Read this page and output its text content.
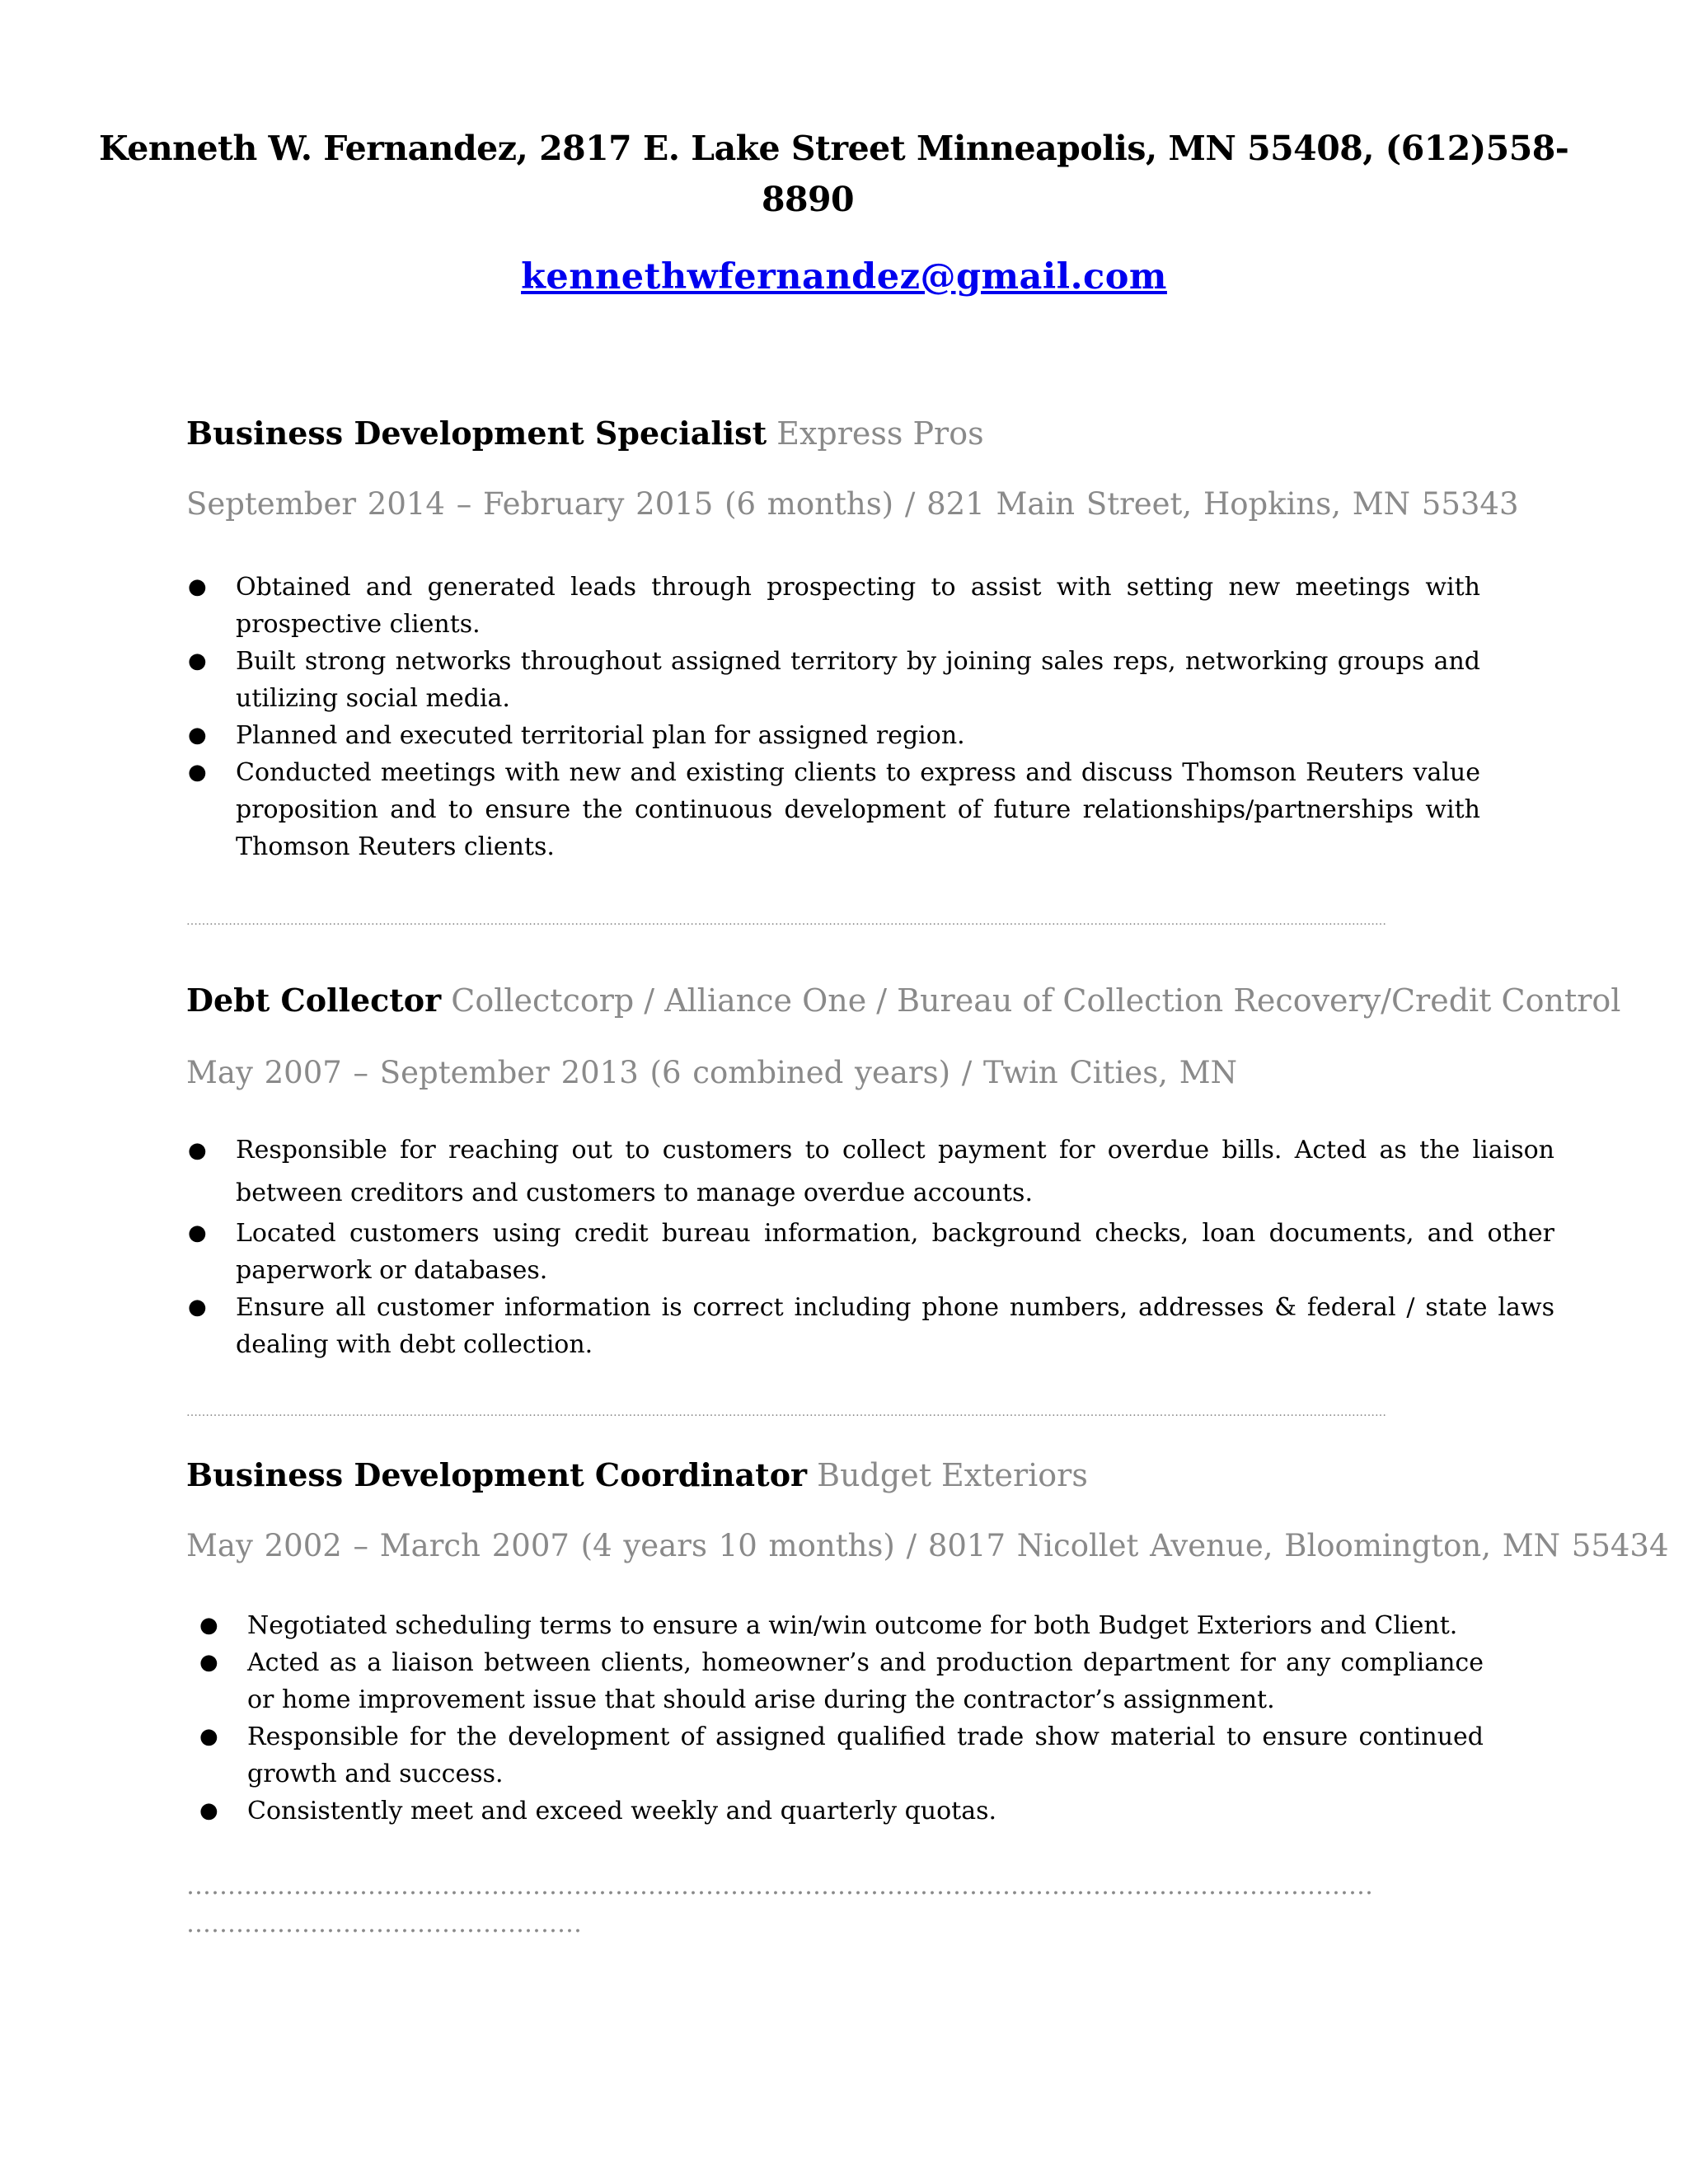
Kenneth W. Fernandez, 2817 E. Lake Street Minneapolis, MN 55408, (612)558-
8890
kennethwfernandez@gmail.com
Business Development Specialist Express Pros
September 2014 – February 2015 (6 months) / 821 Main Street, Hopkins, MN 55343
● Obtained and generated leads through prospecting to assist with setting new meetings with prospective clients.
● Built strong networks throughout assigned territory by joining sales reps, networking groups and utilizing social media.
● Planned and executed territorial plan for assigned region.
● Conducted meetings with new and existing clients to express and discuss Thomson Reuters value proposition and to ensure the continuous development of future relationships/partnerships with Thomson Reuters clients.
……………………………………………………………………………………………………………………………………………………………………………………………………………………………………………………………………………………
Debt Collector Collectcorp / Alliance One / Bureau of Collection Recovery/Credit Control
May 2007 – September 2013 (6 combined years) / Twin Cities, MN
● Responsible for reaching out to customers to collect payment for overdue bills. Acted as the liaison between creditors and customers to manage overdue accounts.
● Located customers using credit bureau information, background checks, loan documents, and other paperwork or databases.
● Ensure all customer information is correct including phone numbers, addresses & federal / state laws dealing with debt collection.
……………………………………………………………………………………………………………………………………………………………………………………………………………………………………………………………………………………
Business Development Coordinator Budget Exteriors
May 2002 – March 2007 (4 years 10 months) / 8017 Nicollet Avenue, Bloomington, MN 55434
● Negotiated scheduling terms to ensure a win/win outcome for both Budget Exteriors and Client.
● Acted as a liaison between clients, homeowner’s and production department for any compliance or home improvement issue that should arise during the contractor’s assignment.
● Responsible for the development of assigned qualified trade show material to ensure continued growth and success.
● Consistently meet and exceed weekly and quarterly quotas.
………………………………………………………………………………………………………………………………
…………………………………………
